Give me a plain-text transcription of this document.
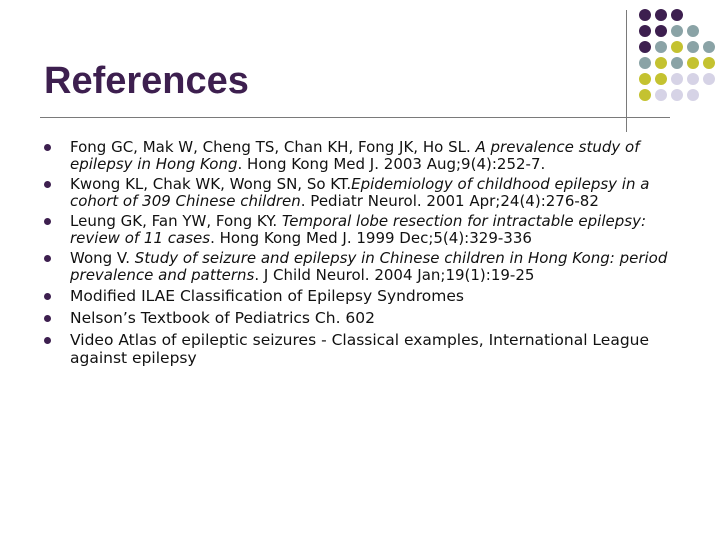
References
Fong GC, Mak W, Cheng TS, Chan KH, Fong JK, Ho SL. A prevalence study of epilepsy in Hong Kong. Hong Kong Med J. 2003 Aug;9(4):252-7.
Kwong KL, Chak WK, Wong SN, So KT.Epidemiology of childhood epilepsy in a cohort of 309 Chinese children. Pediatr Neurol. 2001 Apr;24(4):276-82
Leung GK, Fan YW, Fong KY. Temporal lobe resection for intractable epilepsy: review of 11 cases. Hong Kong Med J. 1999 Dec;5(4):329-336
Wong V. Study of seizure and epilepsy in Chinese children in Hong Kong: period prevalence and patterns. J Child Neurol. 2004 Jan;19(1):19-25
Modified ILAE Classification of Epilepsy Syndromes
Nelson’s Textbook of Pediatrics Ch. 602
Video Atlas of epileptic seizures - Classical examples, International League against epilepsy
